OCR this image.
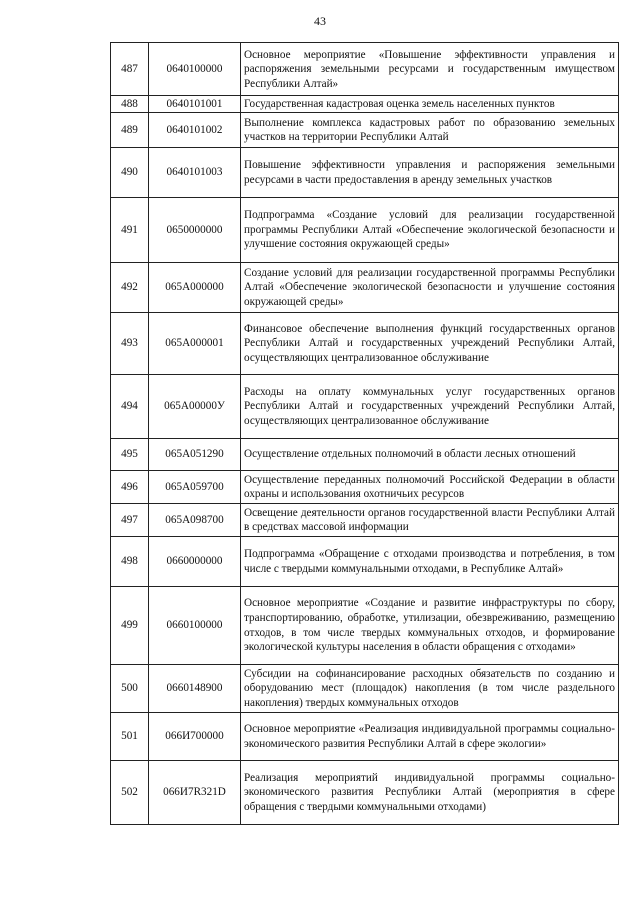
43
487	0640100000	Основное мероприятие «Повышение эффективности управления и распоряжения земельными ресурсами и государственным имуществом Республики Алтай»
488	0640101001	Государственная кадастровая оценка земель населенных пунктов
489	0640101002	Выполнение комплекса кадастровых работ по образованию земельных участков на территории Республики Алтай
490	0640101003	Повышение эффективности управления и распоряжения земельными ресурсами в части предоставления в аренду земельных участков
491	0650000000	Подпрограмма «Создание условий для реализации государственной программы Республики Алтай «Обеспечение экологической безопасности и улучшение состояния окружающей среды»
492	065А000000	Создание условий для реализации государственной программы Республики Алтай «Обеспечение экологической безопасности и улучшение состояния окружающей среды»
493	065А000001	Финансовое обеспечение выполнения функций государственных органов Республики Алтай и государственных учреждений Республики Алтай, осуществляющих централизованное обслуживание
494	065А00000У	Расходы на оплату коммунальных услуг государственных органов Республики Алтай и государственных учреждений Республики Алтай, осуществляющих централизованное обслуживание
495	065А051290	Осуществление отдельных полномочий в области лесных отношений
496	065А059700	Осуществление переданных полномочий Российской Федерации в области охраны и использования охотничьих ресурсов
497	065А098700	Освещение деятельности органов государственной власти Республики Алтай в средствах массовой информации
498	0660000000	Подпрограмма «Обращение с отходами производства и потребления, в том числе с твердыми коммунальными отходами, в Республике Алтай»
499	0660100000	Основное мероприятие «Создание и развитие инфраструктуры по сбору, транспортированию, обработке, утилизации, обезвреживанию, размещению отходов, в том числе твердых коммунальных отходов, и формирование экологической культуры населения в области обращения с отходами»
500	0660148900	Субсидии на софинансирование расходных обязательств по созданию и оборудованию мест (площадок) накопления (в том числе раздельного накопления) твердых коммунальных отходов
501	066И700000	Основное мероприятие «Реализация индивидуальной программы социально-экономического развития Республики Алтай в сфере экологии»
502	066И7R321D	Реализация мероприятий индивидуальной программы социально-экономического развития Республики Алтай (мероприятия в сфере обращения с твердыми коммунальными отходами)
